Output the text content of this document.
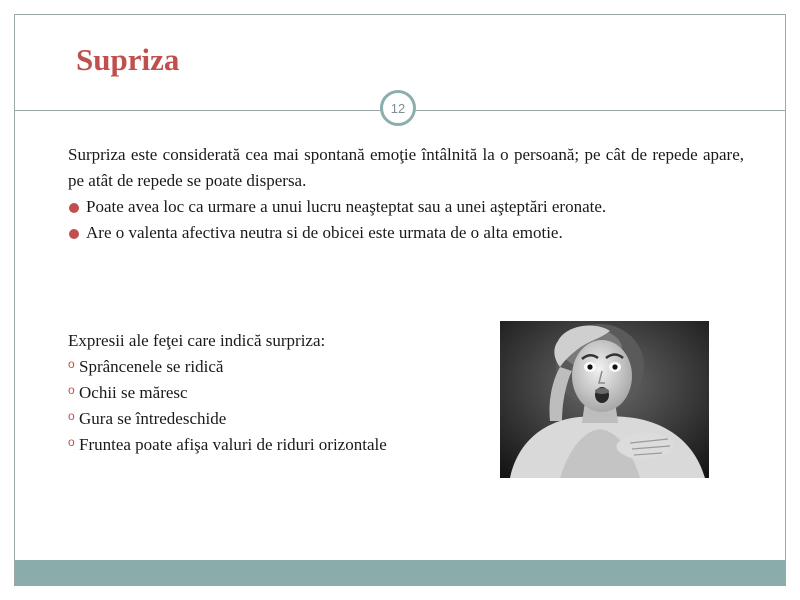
Supriza
12

Surpriza este considerată cea mai spontană emoţie întâlnită la o persoană; pe cât de repede apare, pe atât de repede se poate dispersa.

Poate avea loc ca urmare a unui lucru neaşteptat sau a unei aşteptări eronate.

Are o valenta afectiva neutra si de obicei este urmata de o alta emotie.

Expresii ale feţei care indică surpriza:

o Sprâncenele se ridică

o Ochii se măresc

o Gura se întredeschide

o Fruntea poate afişa valuri de riduri orizontale
